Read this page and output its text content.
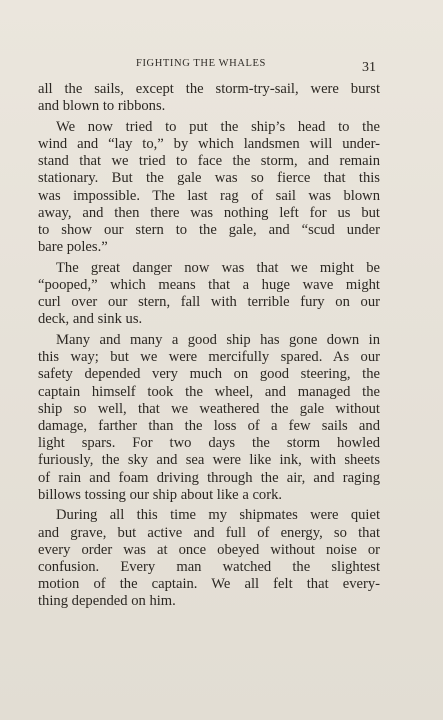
FIGHTING THE WHALES	31

all the sails, except the storm-try-sail, were burst
and blown to ribbons.

We now tried to put the ship’s head to the
wind and “lay to,” by which landsmen will under-
stand that we tried to face the storm, and remain
stationary. But the gale was so fierce that this
was impossible. The last rag of sail was blown
away, and then there was nothing left for us but
to show our stern to the gale, and “scud under
bare poles.”

The great danger now was that we might be
“pooped,” which means that a huge wave might
curl over our stern, fall with terrible fury on our
deck, and sink us.

Many and many a good ship has gone down in
this way; but we were mercifully spared. As our
safety depended very much on good steering, the
captain himself took the wheel, and managed the
ship so well, that we weathered the gale without
damage, farther than the loss of a few sails and
light spars. For two days the storm howled
furiously, the sky and sea were like ink, with sheets
of rain and foam driving through the air, and raging
billows tossing our ship about like a cork.

During all this time my shipmates were quiet
and grave, but active and full of energy, so that
every order was at once obeyed without noise or
confusion. Every man watched the slightest
motion of the captain. We all felt that every-
thing depended on him.
